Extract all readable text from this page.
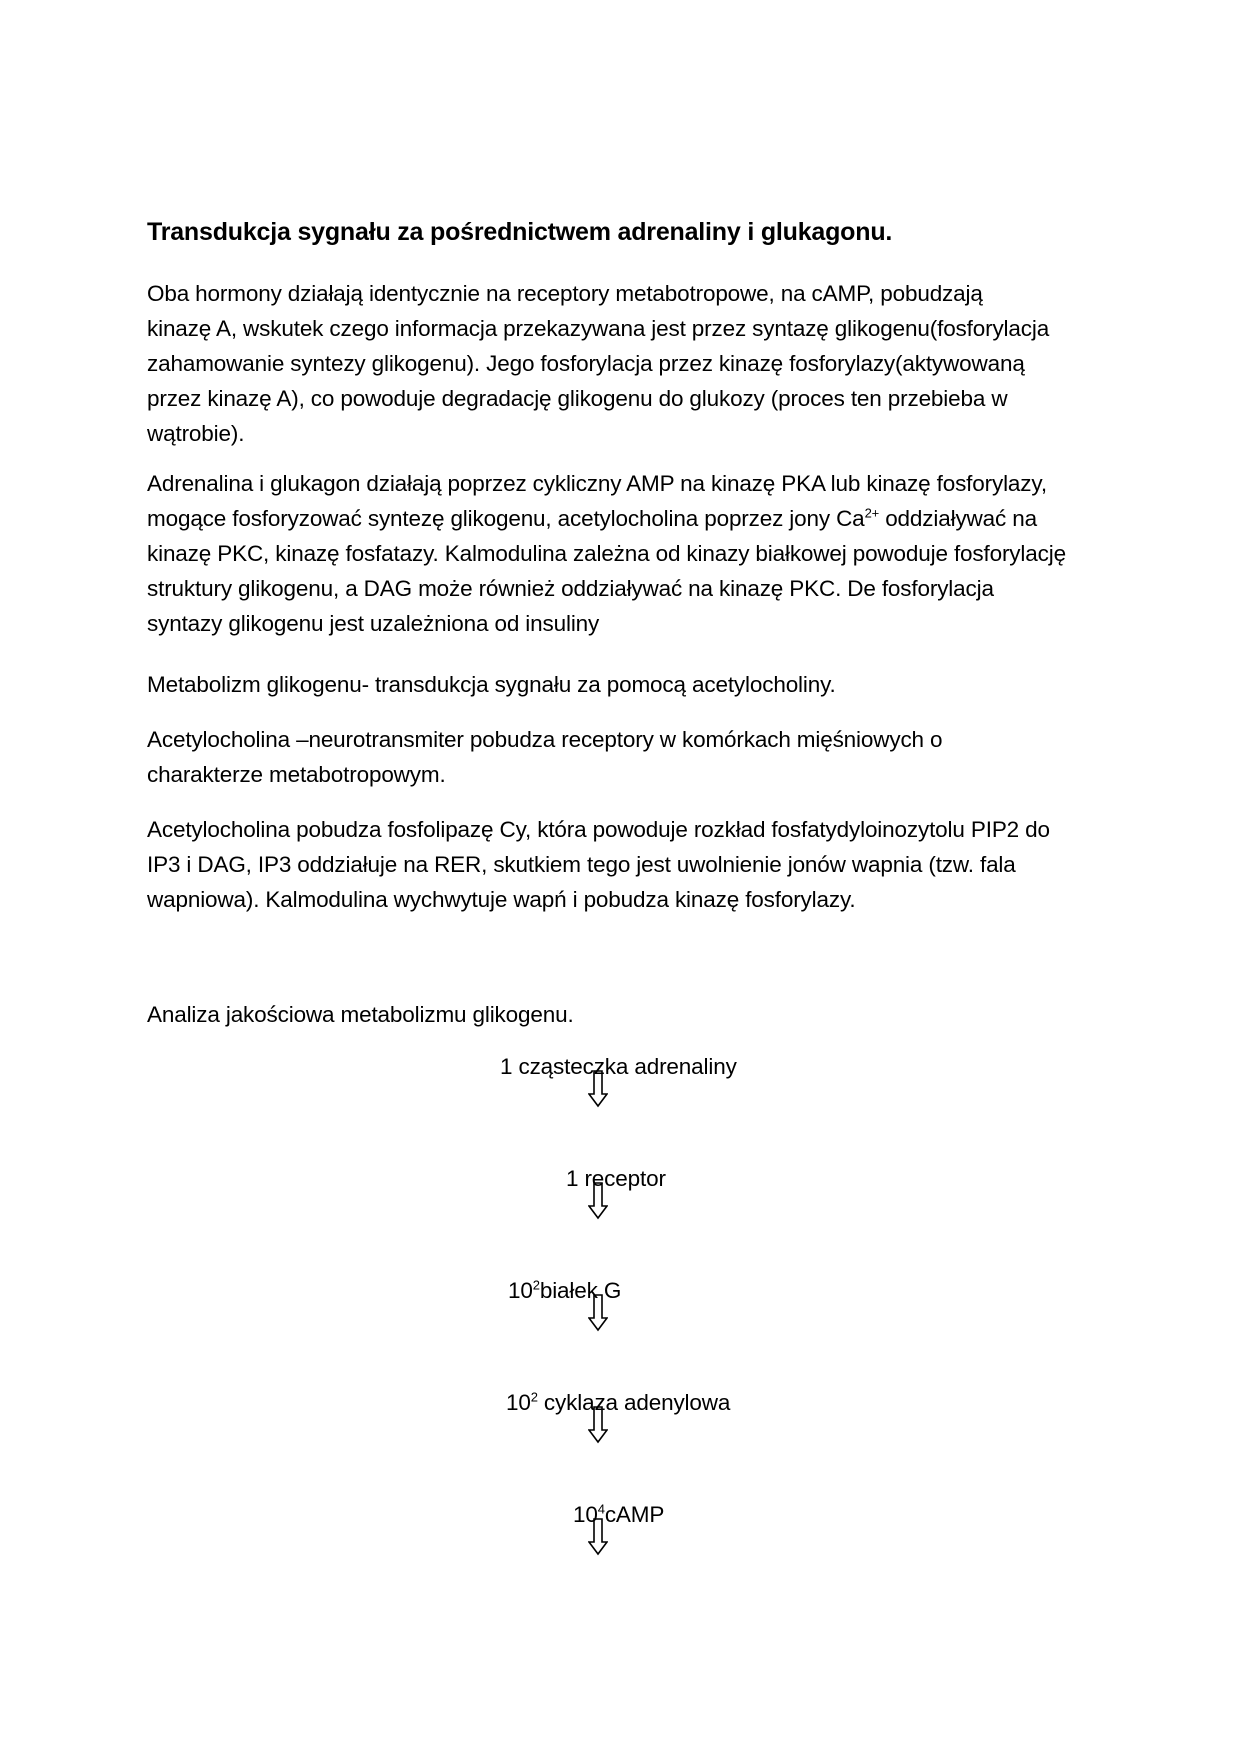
Transdukcja sygnału za pośrednictwem adrenaliny i glukagonu.
Oba hormony działają identycznie na receptory metabotropowe, na cAMP, pobudzają
kinazę A, wskutek czego informacja przekazywana jest przez syntazę glikogenu(fosforylacja
zahamowanie syntezy glikogenu). Jego fosforylacja przez kinazę fosforylazy(aktywowaną
przez kinazę A), co powoduje degradację glikogenu do glukozy (proces ten przebieba w
wątrobie).
Adrenalina i glukagon działają poprzez cykliczny AMP na kinazę PKA lub kinazę fosforylazy,
mogące fosforyzować syntezę glikogenu, acetylocholina poprzez jony $Ca^{2+}$ oddziaływać na
kinazę PKC, kinazę fosfatazy. Kalmodulina zależna od kinazy białkowej powoduje fosforylację
struktury glikogenu, a DAG może również oddziaływać na kinazę PKC. De fosforylacja
syntazy glikogenu jest uzależniona od insuliny
Metabolizm glikogenu- transdukcja sygnału za pomocą acetylocholiny.
Acetylocholina –neurotransmiter pobudza receptory w komórkach mięśniowych o
charakterze metabotropowym.
Acetylocholina pobudza fosfolipazę Cy, która powoduje rozkład fosfatydyloinozytolu PIP2 do
IP3 i DAG, IP3 oddziałuje na RER, skutkiem tego jest uwolnienie jonów wapnia (tzw. fala
wapniowa). Kalmodulina wychwytuje wapń i pobudza kinazę fosforylazy.
Analiza jakościowa metabolizmu glikogenu.
1 cząsteczka adrenaliny
1 receptor
$10^2białek$ G
$10^2$ cyklaza adenylowa
$10^4cAMP$
